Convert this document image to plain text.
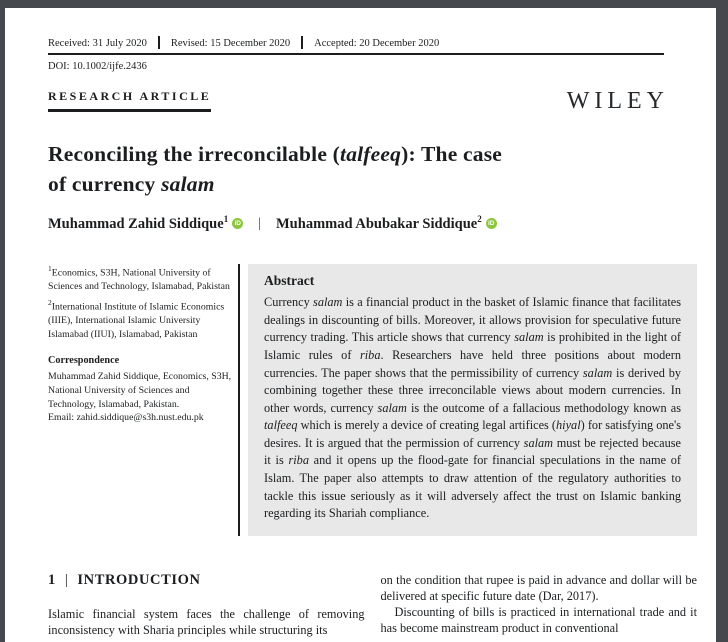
Received: 31 July 2020 Revised: 15 December 2020 Accepted: 20 December 2020
DOI: 10.1002/ijfe.2436
RESEARCH ARTICLE	WILEY
Reconciling the irreconcilable (talfeeq): The case
of currency salam
Muhammad Zahid Siddique$^1$ iD | Muhammad Abubakar Siddique$^2$ iD

$^1$Economics, S3H, National University of Sciences and Technology, Islamabad, Pakistan

$^2$International Institute of Islamic Economics (IIIE), International Islamic University Islamabad (IIUI), Islamabad, Pakistan

Correspondence

Muhammad Zahid Siddique, Economics, S3H, National University of Sciences and Technology, Islamabad, Pakistan.

Email: zahid.siddique@s3h.nust.edu.pk

Abstract
Currency salam is a financial product in the basket of Islamic finance that facilitates dealings in discounting of bills. Moreover, it allows provision for speculative future currency trading. This article shows that currency salam is prohibited in the light of Islamic rules of riba. Researchers have held three positions about modern currencies. The paper shows that the permissibility of currency salam is derived by combining together these three irreconcilable views about modern currencies. In other words, currency salam is the outcome of a fallacious methodology known as talfeeq which is merely a device of creating legal artifices (hiyal) for satisfying one's desires. It is argued that the permission of currency salam must be rejected because it is riba and it opens up the flood-gate for financial speculations in the name of Islam. The paper also attempts to draw attention of the regulatory authorities to tackle this issue seriously as it will adversely affect the trust on Islamic banking regarding its Shariah compliance.
1 | INTRODUCTION

Islamic financial system faces the challenge of removing inconsistency with Sharia principles while structuring its

on the condition that rupee is paid in advance and dollar will be delivered at specific future date (Dar, 2017).

Discounting of bills is practiced in international trade and it has become mainstream product in conventional
